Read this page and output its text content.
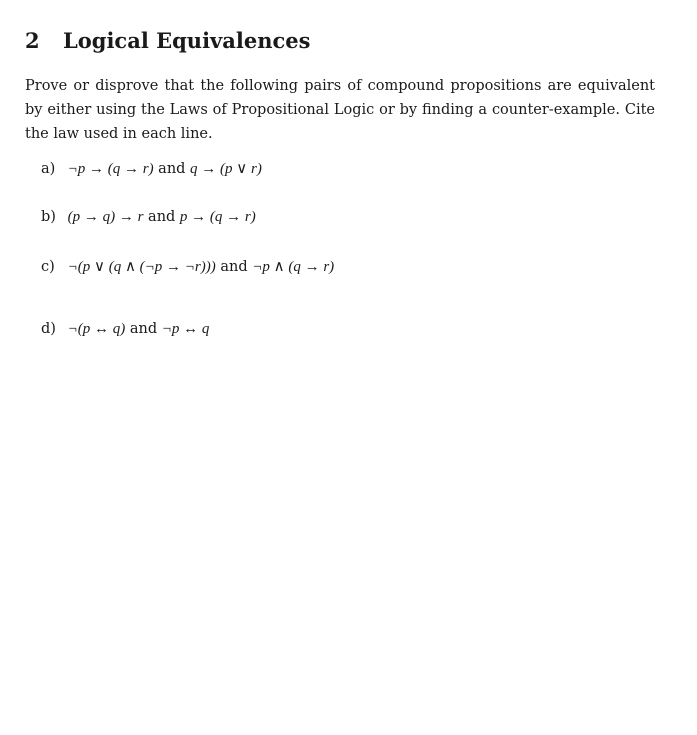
2 Logical Equivalences

Prove or disprove that the following pairs of compound propositions are equivalent by either using the Laws of Propositional Logic or by finding a counter-example. Cite the law used in each line.

a) ¬p → (q → r) and q → (p ∨ r)
b) (p → q) → r and p → (q → r)
c) ¬(p ∨ (q ∧ (¬p → ¬r))) and ¬p ∧ (q → r)
d) ¬(p ↔ q) and ¬p ↔ q
